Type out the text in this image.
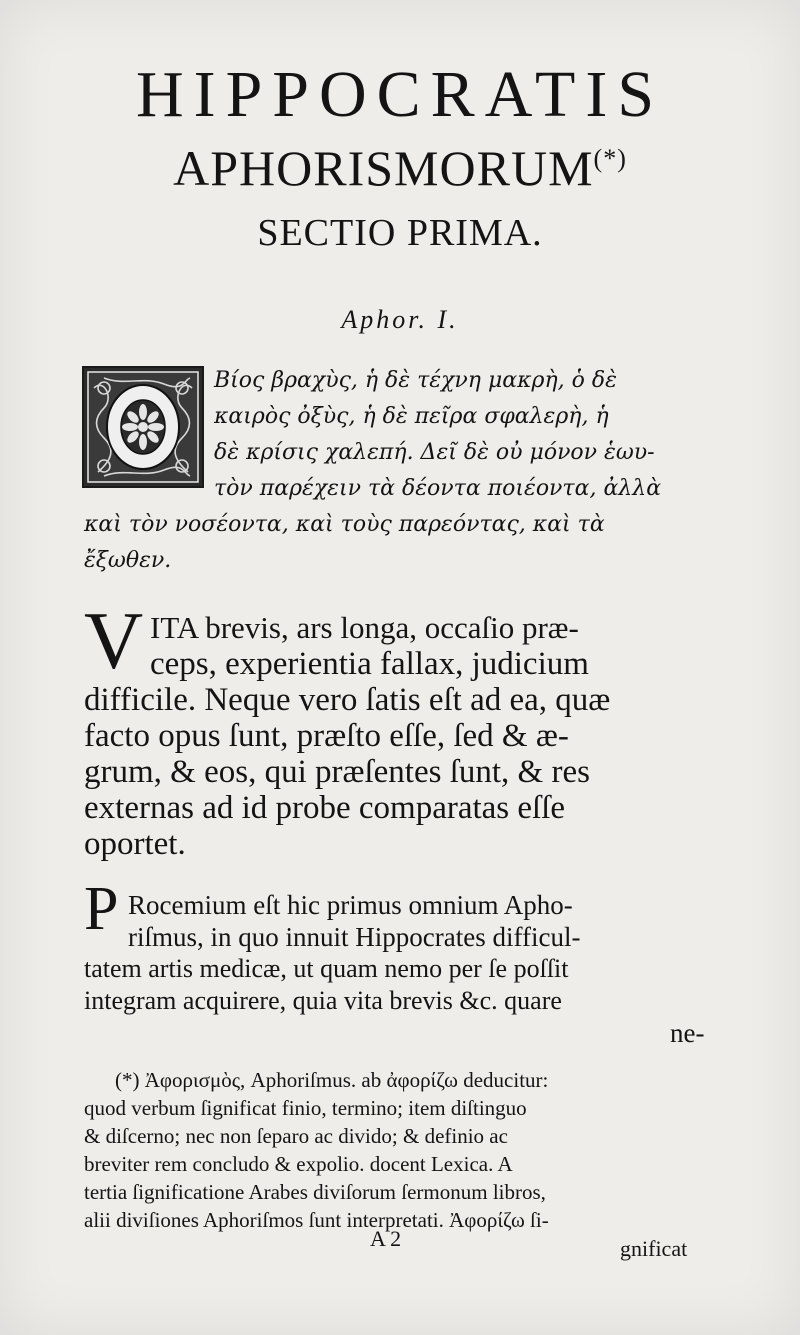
HIPPOCRATIS
APHORISMORUM(*)
SECTIO PRIMA.
Aphor. I.
Βίος βραχὺς, ἡ δὲ τέχνη μακρὴ, ὁ δὲ
καιρὸς ὀξὺς, ἡ δὲ πεῖρα σφαλερὴ, ἡ
δὲ κρίσις χαλεπή. Δεῖ δὲ οὐ μόνον ἑωυ-
τὸν παρέχειν τὰ δέοντα ποιέοντα, ἀλλὰ
καὶ τὸν νοσέοντα, καὶ τοὺς παρεόντας, καὶ τὰ
ἔξωθεν.
V ITA brevis, ars longa, occaſio præ-
ceps, experientia fallax, judicium
difficile. Neque vero ſatis eſt ad ea, quæ
facto opus ſunt, præſto eſſe, ſed & æ-
grum, & eos, qui præſentes ſunt, & res
externas ad id probe comparatas eſſe
oportet.
P Rocemium eſt hic primus omnium Apho-
riſmus, in quo innuit Hippocrates difficul-
tatem artis medicæ, ut quam nemo per ſe poſſit
integram acquirere, quia vita brevis &c. quare
ne-
(*) Ἀφορισμὸς, Aphoriſmus. ab ἀφορίζω deducitur:
quod verbum ſignificat finio, termino; item diſtinguo
& diſcerno; nec non ſeparo ac divido; & definio ac
breviter rem concludo & expolio. docent Lexica. A
tertia ſignificatione Arabes diviſorum ſermonum libros,
alii diviſiones Aphoriſmos ſunt interpretati. Ἀφορίζω ſi-
A 2	gnificat
